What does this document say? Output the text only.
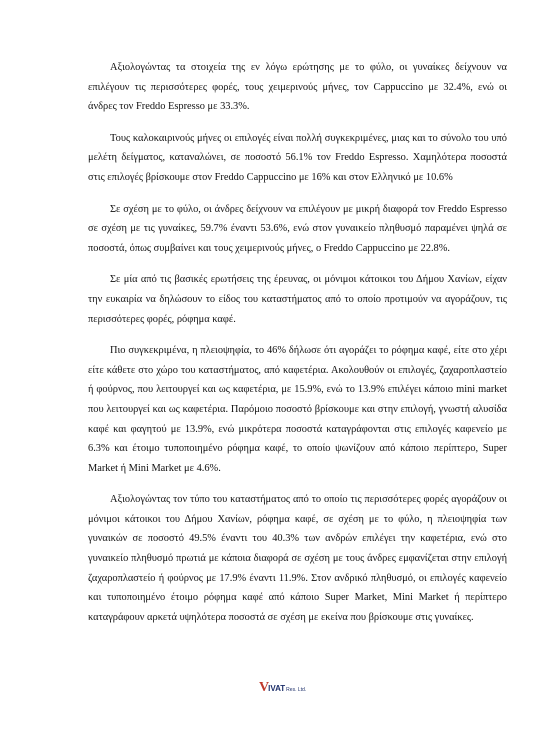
Αξιολογώντας τα στοιχεία της εν λόγω ερώτησης με το φύλο, οι γυναίκες δείχνουν να επιλέγουν τις περισσότερες φορές, τους χειμερινούς μήνες, τον Cappuccino με 32.4%, ενώ οι άνδρες τον Freddo Espresso με 33.3%.

Τους καλοκαιρινούς μήνες οι επιλογές είναι πολλή συγκεκριμένες, μιας και το σύνολο του υπό μελέτη δείγματος, καταναλώνει, σε ποσοστό 56.1% τον Freddo Espresso. Χαμηλότερα ποσοστά στις επιλογές βρίσκουμε στον Freddo Cappuccino με 16% και στον Ελληνικό με 10.6%

Σε σχέση με το φύλο, οι άνδρες δείχνουν να επιλέγουν με μικρή διαφορά τον Freddo Espresso σε σχέση με τις γυναίκες, 59.7% έναντι 53.6%, ενώ στον γυναικείο πληθυσμό παραμένει ψηλά σε ποσοστά, όπως συμβαίνει και τους χειμερινούς μήνες, ο Freddo Cappuccino με 22.8%.

Σε μία από τις βασικές ερωτήσεις της έρευνας, οι μόνιμοι κάτοικοι του Δήμου Χανίων, είχαν την ευκαιρία να δηλώσουν το είδος του καταστήματος από το οποίο προτιμούν να αγοράζουν, τις περισσότερες φορές, ρόφημα καφέ.

Πιο συγκεκριμένα, η πλειοψηφία, το 46% δήλωσε ότι αγοράζει το ρόφημα καφέ, είτε στο χέρι είτε κάθετε στο χώρο του καταστήματος, από καφετέρια. Ακολουθούν οι επιλογές, ζαχαροπλαστείο ή φούρνος, που λειτουργεί και ως καφετέρια, με 15.9%, ενώ το 13.9% επιλέγει κάποιο mini market που λειτουργεί και ως καφετέρια. Παρόμοιο ποσοστό βρίσκουμε και στην επιλογή, γνωστή αλυσίδα καφέ και φαγητού με 13.9%, ενώ μικρότερα ποσοστά καταγράφονται στις επιλογές καφενείο με 6.3% και έτοιμο τυποποιημένο ρόφημα καφέ, το οποίο ψωνίζουν από κάποιο περίπτερο, Super Market ή Mini Market με 4.6%.

Αξιολογώντας τον τύπο του καταστήματος από το οποίο τις περισσότερες φορές αγοράζουν οι μόνιμοι κάτοικοι του Δήμου Χανίων, ρόφημα καφέ, σε σχέση με το φύλο, η πλειοψηφία των γυναικών σε ποσοστό 49.5% έναντι του 40.3% των ανδρών επιλέγει την καφετέρια, ενώ στο γυναικείο πληθυσμό πρωτιά με κάποια διαφορά σε σχέση με τους άνδρες εμφανίζεται στην επιλογή ζαχαροπλαστείο ή φούρνος με 17.9% έναντι 11.9%. Στον ανδρικό πληθυσμό, οι επιλογές καφενείο και τυποποιημένο έτοιμο ρόφημα καφέ από κάποιο Super Market, Mini Market ή περίπτερο καταγράφουν αρκετά υψηλότερα ποσοστά σε σχέση με εκείνα που βρίσκουμε στις γυναίκες.

V IVAT Res. Ltd.
